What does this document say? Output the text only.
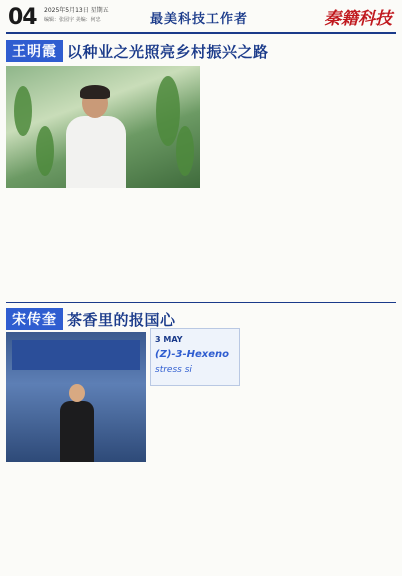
04 2025年5月13日 星期五
编辑：张园宇 美编：何忠	最美科技工作者	秦籍科技
王明霞 以种业之光照亮乡村振兴之路
宋传奎 茶香里的报国心
3 MAY
(Z)-3-Hexeno
stress si
